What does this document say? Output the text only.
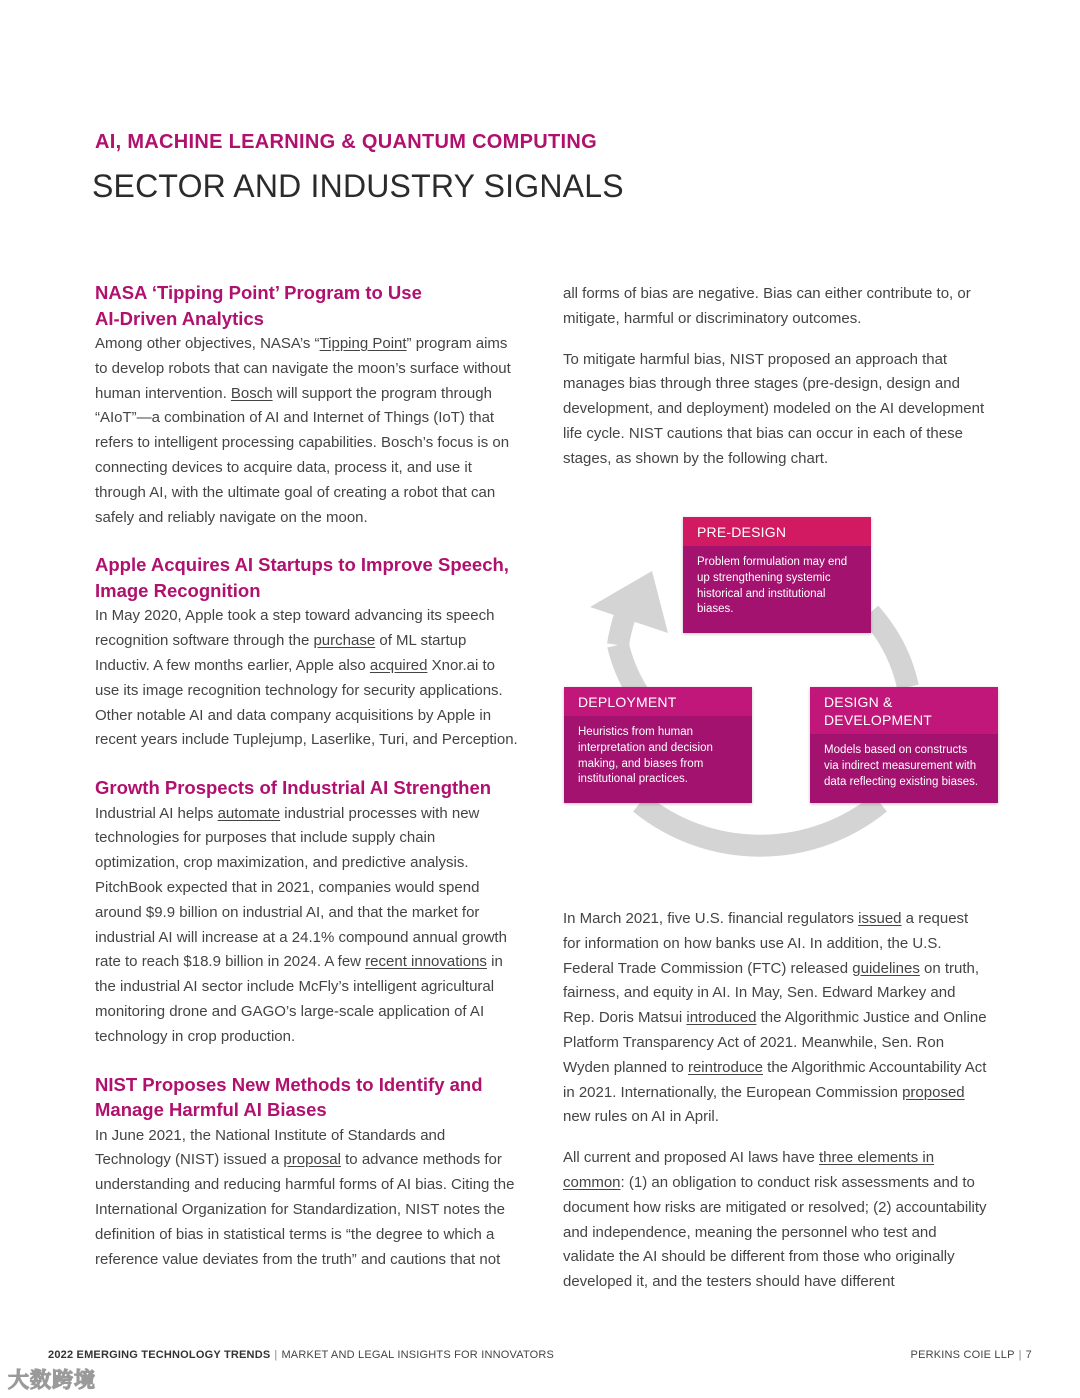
AI, MACHINE LEARNING & QUANTUM COMPUTING
SECTOR AND INDUSTRY SIGNALS
NASA ‘Tipping Point’ Program to Use
AI-Driven Analytics

Among other objectives, NASA’s “Tipping Point” program aims to develop robots that can navigate the moon’s surface without human intervention. Bosch will support the program through “AIoT”—a combination of AI and Internet of Things (IoT) that refers to intelligent processing capabilities. Bosch’s focus is on connecting devices to acquire data, process it, and use it through AI, with the ultimate goal of creating a robot that can safely and reliably navigate on the moon.

Apple Acquires AI Startups to Improve Speech,
Image Recognition

In May 2020, Apple took a step toward advancing its speech recognition software through the purchase of ML startup Inductiv. A few months earlier, Apple also acquired Xnor.ai to use its image recognition technology for security applications. Other notable AI and data company acquisitions by Apple in recent years include Tuplejump, Laserlike, Turi, and Perception.

Growth Prospects of Industrial AI Strengthen

Industrial AI helps automate industrial processes with new technologies for purposes that include supply chain optimization, crop maximization, and predictive analysis. PitchBook expected that in 2021, companies would spend around $9.9 billion on industrial AI, and that the market for industrial AI will increase at a 24.1% compound annual growth rate to reach $18.9 billion in 2024. A few recent innovations in the industrial AI sector include McFly’s intelligent agricultural monitoring drone and GAGO’s large-scale application of AI technology in crop production.

NIST Proposes New Methods to Identify and
Manage Harmful AI Biases

In June 2021, the National Institute of Standards and Technology (NIST) issued a proposal to advance methods for understanding and reducing harmful forms of AI bias. Citing the International Organization for Standardization, NIST notes the definition of bias in statistical terms is “the degree to which a reference value deviates from the truth” and cautions that not

all forms of bias are negative. Bias can either contribute to, or mitigate, harmful or discriminatory outcomes.

To mitigate harmful bias, NIST proposed an approach that manages bias through three stages (pre-design, design and development, and deployment) modeled on the AI development life cycle. NIST cautions that bias can occur in each of these stages, as shown by the following chart.

PRE-DESIGN
Problem formulation may end up strengthening systemic historical and institutional biases.
DEPLOYMENT
Heuristics from human interpretation and decision making, and biases from institutional practices.
DESIGN & DEVELOPMENT
Models based on constructs via indirect measurement with data reflecting existing biases.

In March 2021, five U.S. financial regulators issued a request for information on how banks use AI. In addition, the U.S. Federal Trade Commission (FTC) released guidelines on truth, fairness, and equity in AI. In May, Sen. Edward Markey and Rep. Doris Matsui introduced the Algorithmic Justice and Online Platform Transparency Act of 2021. Meanwhile, Sen. Ron Wyden planned to reintroduce the Algorithmic Accountability Act in 2021. Internationally, the European Commission proposed new rules on AI in April.

All current and proposed AI laws have three elements in common: (1) an obligation to conduct risk assessments and to document how risks are mitigated or resolved; (2) accountability and independence, meaning the personnel who test and validate the AI should be different from those who originally developed it, and the testers should have different

2022 EMERGING TECHNOLOGY TRENDS | MARKET AND LEGAL INSIGHTS FOR INNOVATORS	PERKINS COIE LLP | 7
大数跨境
